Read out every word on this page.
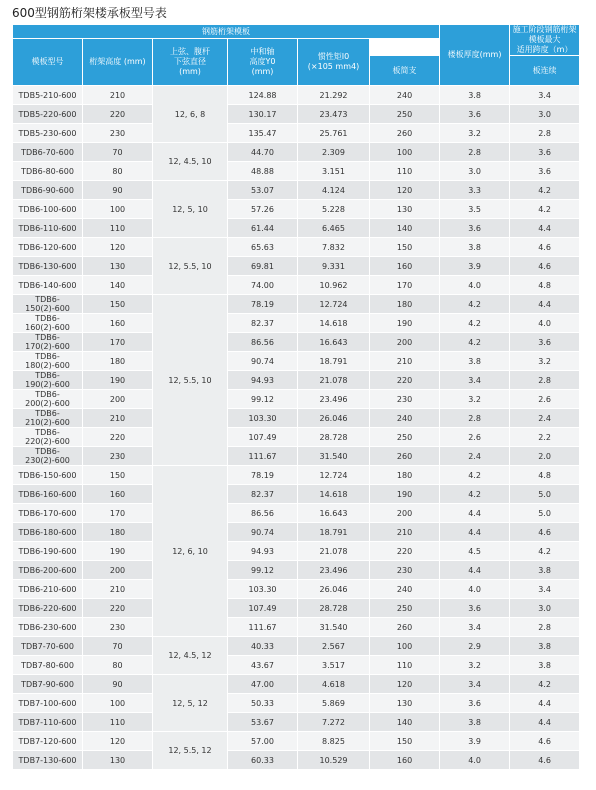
600型钢筋桁架楼承板型号表
钢筋桁架模板						楼板厚度(mm)	施工阶段钢筋桁架模板最大
适用跨度（m）
模板型号	桁架高度 (mm)	上弦、腹杆
下弦直径
(mm)	中和轴
高度Y0
(mm)	惯性矩I0
(×105 mm4)			
					板简支		板连续
TDB5-210-600	210	12, 6, 8	124.88	21.292	240	3.8	3.4
TDB5-220-600	220		130.17	23.473	250	3.6	3.0
TDB5-230-600	230		135.47	25.761	260	3.2	2.8
TDB6-70-600	70	12, 4.5, 10	44.70	2.309	100	2.8	3.6
TDB6-80-600	80		48.88	3.151	110	3.0	3.6
TDB6-90-600	90	12, 5, 10	53.07	4.124	120	3.3	4.2
TDB6-100-600	100		57.26	5.228	130	3.5	4.2
TDB6-110-600	110		61.44	6.465	140	3.6	4.4
TDB6-120-600	120	12, 5.5, 10	65.63	7.832	150	3.8	4.6
TDB6-130-600	130		69.81	9.331	160	3.9	4.6
TDB6-140-600	140		74.00	10.962	170	4.0	4.8
TDB6-150(2)-600	150	12, 5.5, 10	78.19	12.724	180	4.2	4.4
TDB6-160(2)-600	160		82.37	14.618	190	4.2	4.0
TDB6-170(2)-600	170		86.56	16.643	200	4.2	3.6
TDB6-180(2)-600	180		90.74	18.791	210	3.8	3.2
TDB6-190(2)-600	190		94.93	21.078	220	3.4	2.8
TDB6-200(2)-600	200		99.12	23.496	230	3.2	2.6
TDB6-210(2)-600	210		103.30	26.046	240	2.8	2.4
TDB6-220(2)-600	220		107.49	28.728	250	2.6	2.2
TDB6-230(2)-600	230		111.67	31.540	260	2.4	2.0
TDB6-150-600	150	12, 6, 10	78.19	12.724	180	4.2	4.8
TDB6-160-600	160		82.37	14.618	190	4.2	5.0
TDB6-170-600	170		86.56	16.643	200	4.4	5.0
TDB6-180-600	180		90.74	18.791	210	4.4	4.6
TDB6-190-600	190		94.93	21.078	220	4.5	4.2
TDB6-200-600	200		99.12	23.496	230	4.4	3.8
TDB6-210-600	210		103.30	26.046	240	4.0	3.4
TDB6-220-600	220		107.49	28.728	250	3.6	3.0
TDB6-230-600	230		111.67	31.540	260	3.4	2.8
TDB7-70-600	70	12, 4.5, 12	40.33	2.567	100	2.9	3.8
TDB7-80-600	80		43.67	3.517	110	3.2	3.8
TDB7-90-600	90	12, 5, 12	47.00	4.618	120	3.4	4.2
TDB7-100-600	100		50.33	5.869	130	3.6	4.4
TDB7-110-600	110		53.67	7.272	140	3.8	4.4
TDB7-120-600	120	12, 5.5, 12	57.00	8.825	150	3.9	4.6
TDB7-130-600	130		60.33	10.529	160	4.0	4.6
